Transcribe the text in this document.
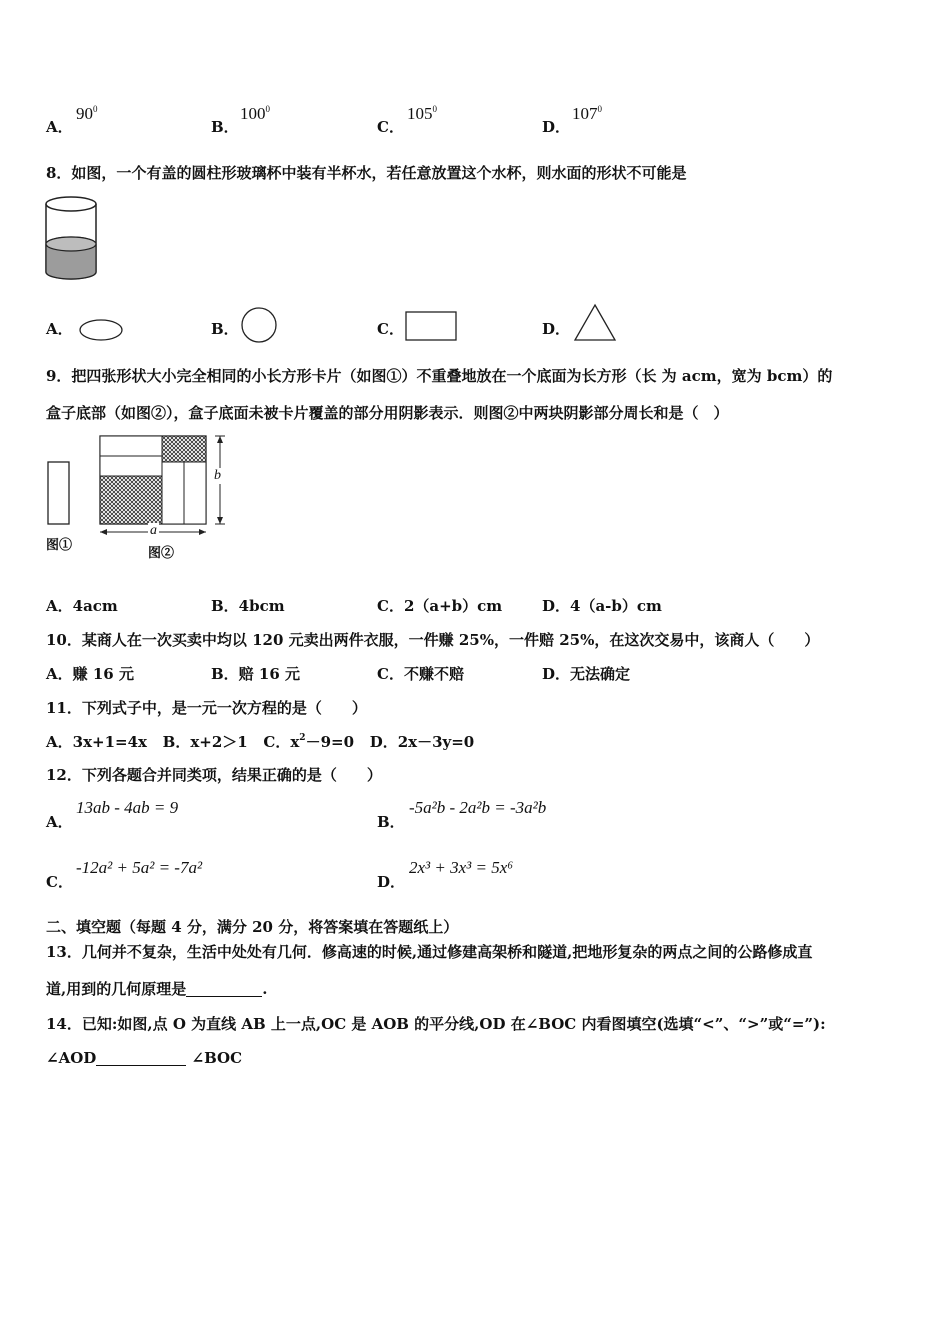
A．
$90^0$
B．
$100^0$
C．
$105^0$
D．
$107^0$
8．如图，一个有盖的圆柱形玻璃杯中装有半杯水，若任意放置这个水杯，则水面的形状不可能是
A．	B．	C．	D．
9．把四张形状大小完全相同的小长方形卡片（如图①）不重叠地放在一个底面为长方形（长 为 acm，宽为 bcm）的
盒子底部（如图②），盒子底面未被卡片覆盖的部分用阴影表示．则图②中两块阴影部分周长和是（　）
b
a
图①
图②
A．4acm	B．4bcm	C．2（a+b）cm	D．4（a-b）cm
10．某商人在一次买卖中均以 120 元卖出两件衣服，一件赚 25%，一件赔 25%，在这次交易中，该商人（　　）
A．赚 16 元	B．赔 16 元	C．不赚不赔	D．无法确定
11．下列式子中，是一元一次方程的是（　　）
A．3x+1=4x B．x+2＞1 C．$x^2-9=0$ D．2x－3y=0
12．下列各题合并同类项，结果正确的是（　　）
A．
13ab - 4ab = 9
B．
-5a²b - 2a²b = -3a²b
C．
-12a² + 5a² = -7a²
D．
2x³ + 3x³ = 5x⁶
二、填空题（每题 4 分，满分 20 分，将答案填在答题纸上）
13．几何并不复杂，生活中处处有几何．修高速的时候,通过修建高架桥和隧道,把地形复杂的两点之间的公路修成直
道,用到的几何原理是	.
14．已知:如图,点 O 为直线 AB 上一点,OC 是 AOB 的平分线,OD 在∠BOC 内看图填空(选填“<”、“>”或“=”):
∠AOD	∠BOC
